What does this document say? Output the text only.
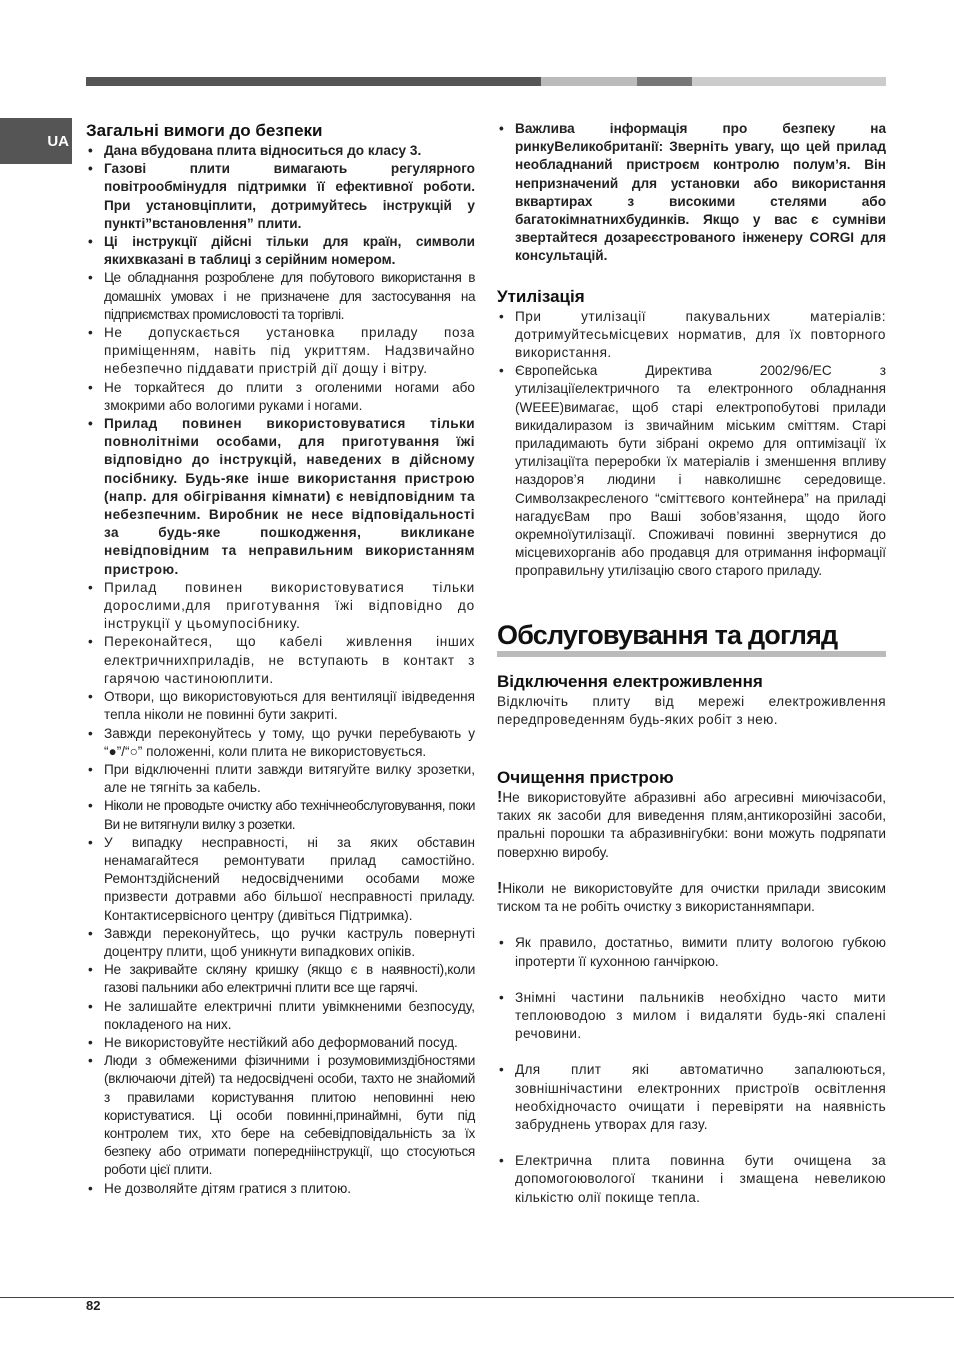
UA
Загальні вимоги до безпеки
• Дана вбудована плита відноситься до класу 3.
• Газові плити вимагають регулярного повітрообмінудля підтримки її ефективної роботи. При установціплити, дотримуйтесь інструкцій у пункті”встановлення” плити.
• Ці інструкції дійсні тільки для країн, символи якихвказані в таблиці з серійним номером.
• Це обладнання розроблене для побутового використання в домашніх умовах і не призначене для застосування на підприємствах промисловості та торгівлі.
• Не допускається установка приладу поза приміщенням, навіть під укриттям. Надзвичайно небезпечно піддавати пристрій дії дощу і вітру.
• Не торкайтеся до плити з оголеними ногами або змокрими або вологими руками і ногами.
• Прилад повинен використовуватися тільки повнолітніми особами, для приготування їжі відповідно до інструкцій, наведених в дійсному посібнику. Будь-яке інше використання пристрою (напр. для обігрівання кімнати) є невідповідним та небезпечним. Виробник не несе відповідальності за будь-яке пошкодження, викликане невідповідним та неправильним використанням пристрою.
• Прилад повинен використовуватися тільки дорослими,для приготування їжі відповідно до інструкції у цьомупосібнику.
• Переконайтеся, що кабелі живлення інших електричнихприладів, не вступають в контакт з гарячою частиноюплити.
• Отвори, що використовуються для вентиляції івідведення тепла ніколи не повинні бути закриті.
• Завжди переконуйтесь у тому, що ручки перебувають у “●”/“○” положенні, коли плита не використовується.
• При відключенні плити завжди витягуйте вилку зрозетки, але не тягніть за кабель.
• Ніколи не проводьте очистку або технічнеобслуговування, поки Ви не витягнули вилку з розетки.
• У випадку несправності, ні за яких обставин ненамагайтеся ремонтувати прилад самостійно. Ремонтздійснений недосвідченими особами може призвести дотравми або більшої несправності приладу. Контактисервісного центру (дивіться Підтримка).
• Завжди переконуйтесь, що ручки каструль повернуті доцентру плити, щоб уникнути випадкових опіків.
• Не закривайте скляну кришку (якщо є в наявності),коли газові пальники або електричні плити все ще гарячі.
• Не залишайте електричні плити увімкненими безпосуду, покладеного на них.
• Не використовуйте нестійкий або деформований посуд.
• Люди з обмеженими фізичними і розумовимиздібностями (включаючи дітей) та недосвідчені особи, тахто не знайомий з правилами користування плитою неповинні нею користуватися. Ці особи повинні,принаймні, бути під контролем тих, хто бере на себевідповідальність за їх безпеку або отримати попередніінструкції, що стосуються роботи цієї плити.
• Не дозволяйте дітям гратися з плитою.
• Важлива інформація про безпеку на ринкуВеликобританії: Зверніть увагу, що цей прилад необладнаний пристроєм контролю полум’я. Він непризначений для установки або використання вквартирах з високими стелями або багатокімнатнихбудинків. Якщо у вас є сумніви звертайтеся дозареєстрованого інженеру CORGI для консультацій.
Утилізація
• При утилізації пакувальних матеріалів: дотримуйтесьмісцевих норматив, для їх повторного використання.
• Європейська Директива 2002/96/EC з утилізаціїелектричного та електронного обладнання (WEEE)вимагає, щоб старі електропобутові прилади викидалиразом із звичайним міським сміттям. Старі приладимають бути зібрані окремо для оптимізації їх утилізаціїта переробки їх матеріалів і зменшення впливу наздоров’я людини і навколишнє середовище. Символзакресленого “сміттєвого контейнера” на приладі нагадуєВам про Ваші зобов’язання, щодо його окремноїутилізації. Споживачі повинні звернутися до місцевихорганів або продавця для отримання інформації проправильну утилізацію свого старого приладу.
Обслуговування та догляд
Відключення електроживлення

Відключіть плиту від мережі електроживлення передпроведенням будь-яких робіт з нею.

Очищення пристрою

!Не використовуйте абразивні або агресивні миючізасоби, таких як засоби для виведення плям,антикорозійні засоби, пральні порошки та абразивнігубки: вони можуть подряпати поверхню виробу.

!Ніколи не використовуйте для очистки прилади звисоким тиском та не робіть очистку з використаннямпари.

• Як правило, достатньо, вимити плиту вологою губкою іпротерти її кухонною ганчіркою.
• Знімні частини пальників необхідно часто мити теплоюводою з милом і видаляти будь-які спалені речовини.
• Для плит які автоматично запалюються, зовнішнічастини електронних пристроїв освітлення необхідночасто очищати і перевіряти на наявність забруднень утворах для газу.
• Електрична плита повинна бути очищена за допомогоювологої тканини і змащена невеликою кількістю олії покище тепла.
82
